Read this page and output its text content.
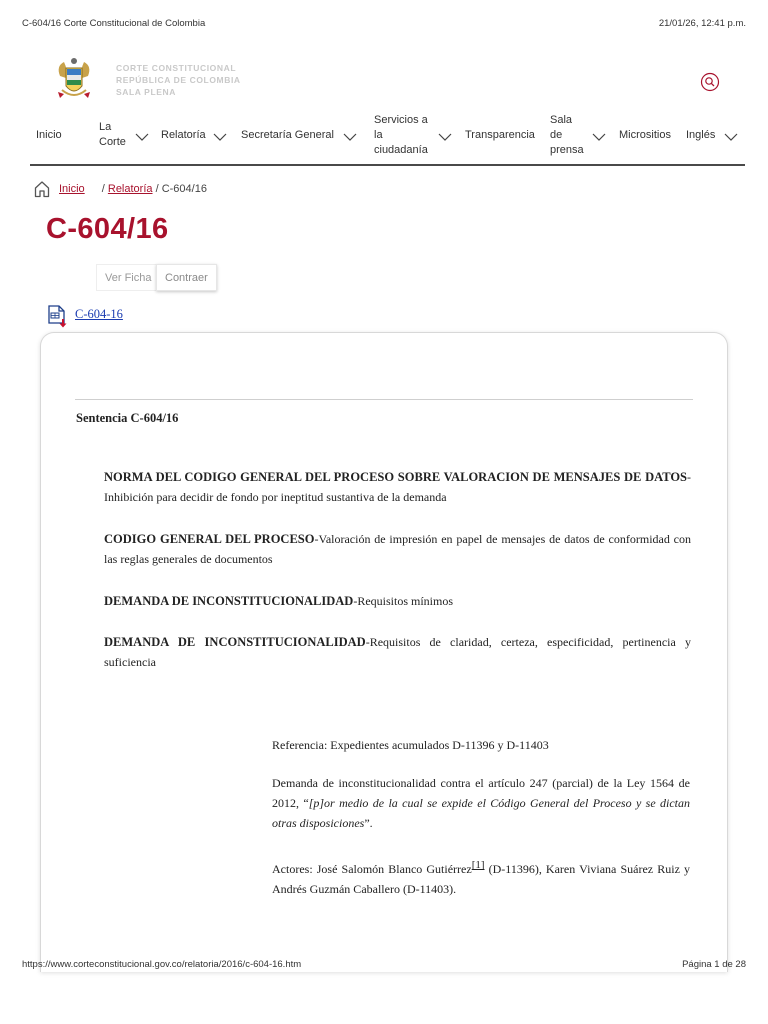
C-604/16 Corte Constitucional de Colombia	21/01/26, 12:41 p.m.
CORTE CONSTITUCIONAL
REPÚBLICA DE COLOMBIA
SALA PLENA
Inicio
La
Corte
Relatoría	Secretaría General
Servicios a
la
ciudadanía
Transparencia
Sala
de
prensa
Micrositios Inglés
Inicio / Relatoría / C-604/16
C-604/16
Ver Ficha	Contraer
C-604-16
Sentencia C-604/16

NORMA DEL CODIGO GENERAL DEL PROCESO SOBRE VALORACION DE MENSAJES DE DATOS-Inhibición para decidir de fondo por ineptitud sustantiva de la demanda

CODIGO GENERAL DEL PROCESO-Valoración de impresión en papel de mensajes de datos de conformidad con las reglas generales de documentos

DEMANDA DE INCONSTITUCIONALIDAD-Requisitos mínimos

DEMANDA DE INCONSTITUCIONALIDAD-Requisitos de claridad, certeza, especificidad, pertinencia y suficiencia

Referencia: Expedientes acumulados D-11396 y D-11403

Demanda de inconstitucionalidad contra el artículo 247 (parcial) de la Ley 1564 de 2012, “[p]or medio de la cual se expide el Código General del Proceso y se dictan otras disposiciones”.

Actores: José Salomón Blanco Gutiérrez[1] (D-11396), Karen Viviana Suárez Ruiz y Andrés Guzmán Caballero (D-11403).

https://www.corteconstitucional.gov.co/relatoria/2016/c-604-16.htm	Página 1 de 28
